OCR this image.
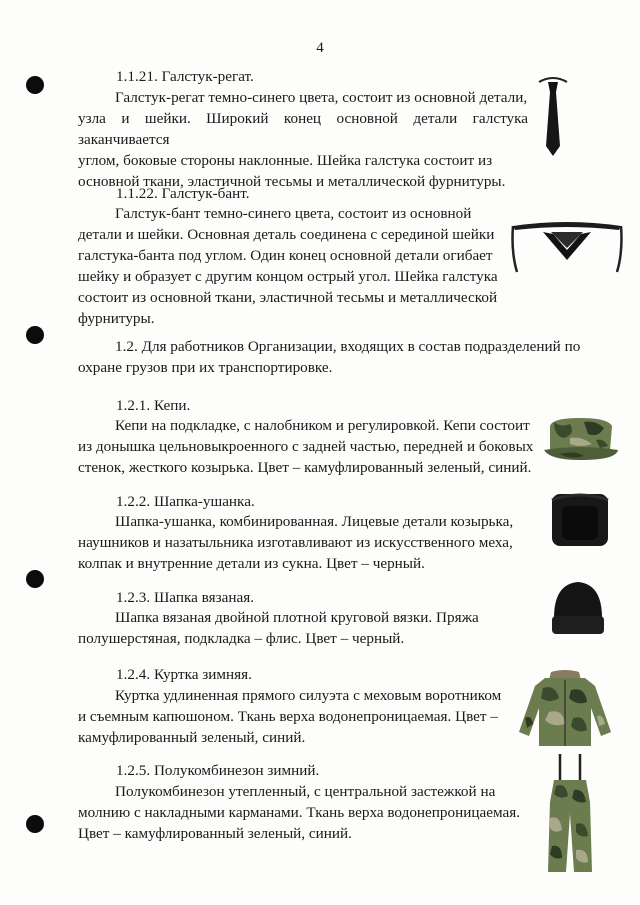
4
1.1.21. Галстук-регат.

Галстук-регат темно-синего цвета, состоит из основной детали,

узла и шейки. Широкий конец основной детали галстука заканчивается

углом, боковые стороны наклонные. Шейка галстука состоит из

основной ткани, эластичной тесьмы и металлической фурнитуры.

1.1.22. Галстук-бант.

Галстук-бант темно-синего цвета, состоит из основной

детали и шейки. Основная деталь соединена с серединой шейки

галстука-банта под углом. Один конец основной детали огибает

шейку и образует с другим концом острый угол. Шейка галстука

состоит из основной ткани, эластичной тесьмы и металлической

фурнитуры.

1.2. Для работников Организации, входящих в состав подразделений по

охране грузов при их транспортировке.

1.2.1. Кепи.

Кепи на подкладке, с налобником и регулировкой. Кепи состоит

из донышка цельновыкроенного с задней частью, передней и боковых

стенок, жесткого козырька. Цвет – камуфлированный зеленый, синий.

1.2.2. Шапка-ушанка.

Шапка-ушанка, комбинированная. Лицевые детали козырька,

наушников и назатыльника изготавливают из искусственного меха,

колпак и внутренние детали из сукна. Цвет – черный.

1.2.3. Шапка вязаная.

Шапка вязаная двойной плотной круговой вязки. Пряжа

полушерстяная, подкладка – флис. Цвет – черный.

1.2.4. Куртка зимняя.

Куртка удлиненная прямого силуэта с меховым воротником

и съемным капюшоном. Ткань верха водонепроницаемая. Цвет –

камуфлированный зеленый, синий.

1.2.5. Полукомбинезон зимний.

Полукомбинезон утепленный, с центральной застежкой на

молнию с накладными карманами. Ткань верха водонепроницаемая.

Цвет – камуфлированный зеленый, синий.
